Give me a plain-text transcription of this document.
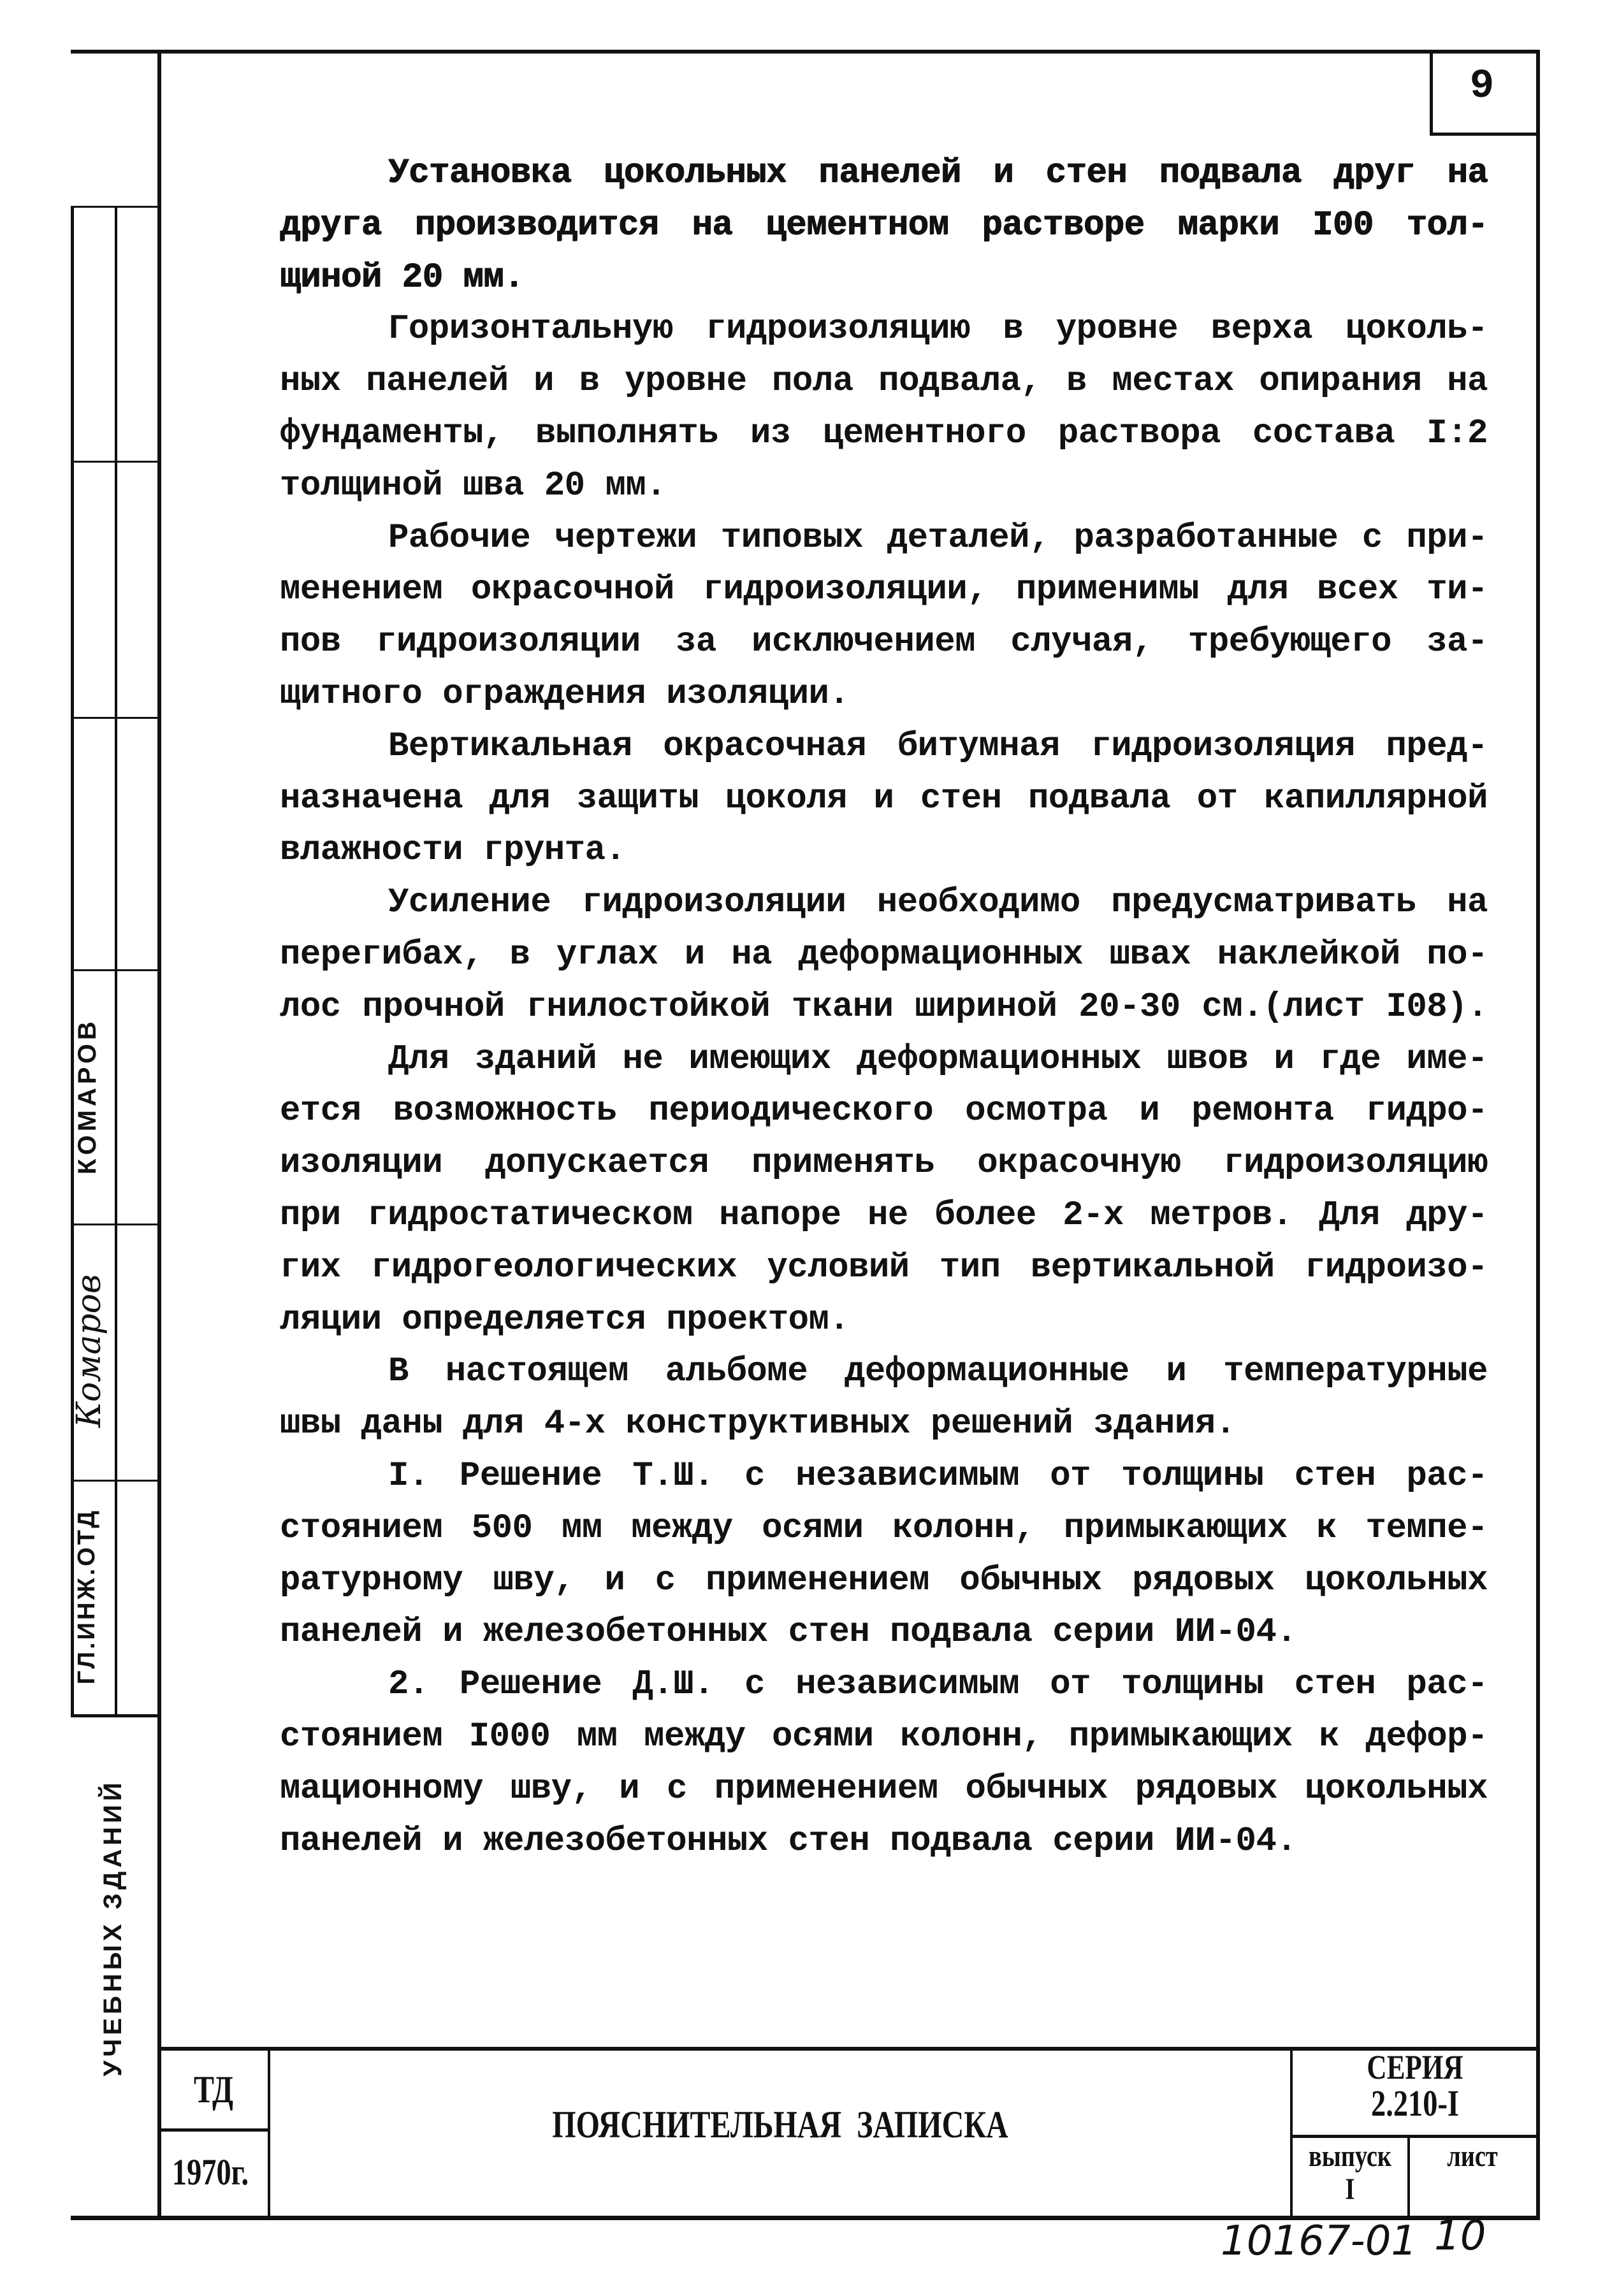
9
Установка цокольных панелей и стен подвала друг на
друга производится на цементном растворе марки I00 тол-
щиной 20 мм.
Горизонтальную гидроизоляцию в уровне верха цоколь-
ных панелей и в уровне пола подвала, в местах опирания на
фундаменты, выполнять из цементного раствора состава I:2
толщиной шва 20 мм.
Рабочие чертежи типовых деталей, разработанные с при-
менением окрасочной гидроизоляции, применимы для всех ти-
пов гидроизоляции за исключением случая, требующего за-
щитного ограждения изоляции.
Вертикальная окрасочная битумная гидроизоляция пред-
назначена для защиты цоколя и стен подвала от капиллярной
влажности грунта.
Усиление гидроизоляции необходимо предусматривать на
перегибах, в углах и на деформационных швах наклейкой по-
лос прочной гнилостойкой ткани шириной 20-30 см.(лист I08).
Для зданий не имеющих деформационных швов и где име-
ется возможность периодического осмотра и ремонта гидро-
изоляции допускается применять окрасочную гидроизоляцию
при гидростатическом напоре не более 2-х метров. Для дру-
гих гидрогеологических условий тип вертикальной гидроизо-
ляции определяется проектом.
В настоящем альбоме деформационные и температурные
швы даны для 4-х конструктивных решений здания.
I. Решение Т.Ш. с независимым от толщины стен рас-
стоянием 500 мм между осями колонн, примыкающих к темпе-
ратурному шву, и с применением обычных рядовых цокольных
панелей и железобетонных стен подвала серии ИИ-04.
2. Решение Д.Ш. с независимым от толщины стен рас-
стоянием I000 мм между осями колонн, примыкающих к дефор-
мационному шву, и с применением обычных рядовых цокольных
панелей и железобетонных стен подвала серии ИИ-04.
КОМАРОВ
Комаров
ГЛ.ИНЖ.ОТД
УЧЕБНЫХ ЗДАНИЙ
ТД
1970г.
ПОЯСНИТЕЛЬНАЯ  ЗАПИСКА
СЕРИЯ
2.210-I
выпуск
I
лист
10167-01 10
